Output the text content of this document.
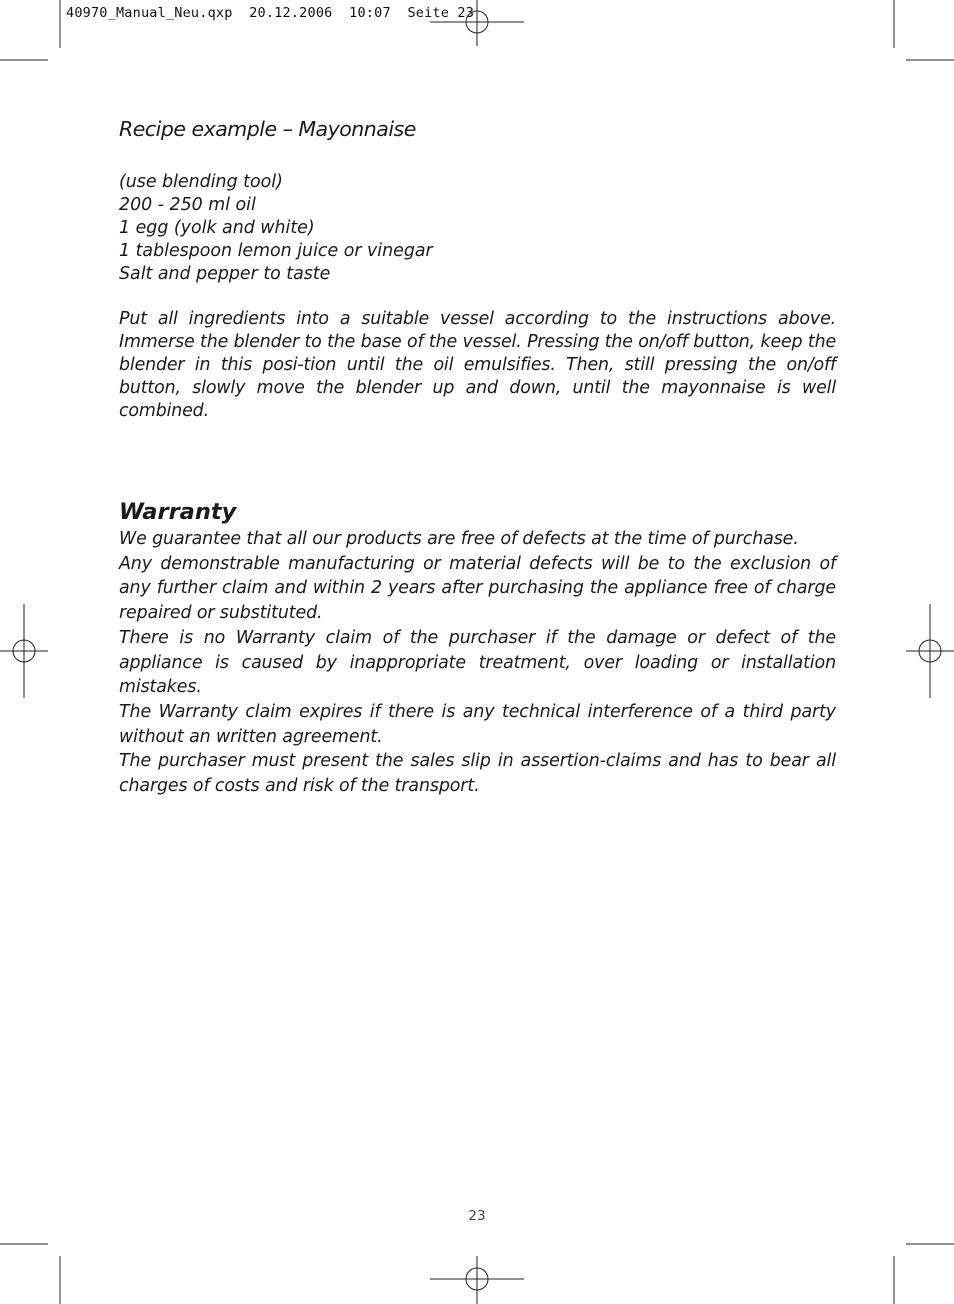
40970_Manual_Neu.qxp 20.12.2006 10:07 Seite 23
Recipe example – Mayonnaise
(use blending tool)
200 - 250 ml oil
1 egg (yolk and white)
1 tablespoon lemon juice or vinegar
Salt and pepper to taste

Put all ingredients into a suitable vessel according to the instructions above. Immerse the blender to the base of the vessel. Pressing the on/off button, keep the blender in this posi-tion until the oil emulsifies. Then, still pressing the on/off button, slowly move the blender up and down, until the mayonnaise is well combined.

Warranty

We guarantee that all our products are free of defects at the time of purchase.

Any demonstrable manufacturing or material defects will be to the exclusion of any further claim and within 2 years after purchasing the appliance free of charge repaired or substituted.

There is no Warranty claim of the purchaser if the damage or defect of the appliance is caused by inappropriate treatment, over loading or installation mistakes.

The Warranty claim expires if there is any technical interference of a third party without an written agreement.

The purchaser must present the sales slip in assertion-claims and has to bear all charges of costs and risk of the transport.

23
